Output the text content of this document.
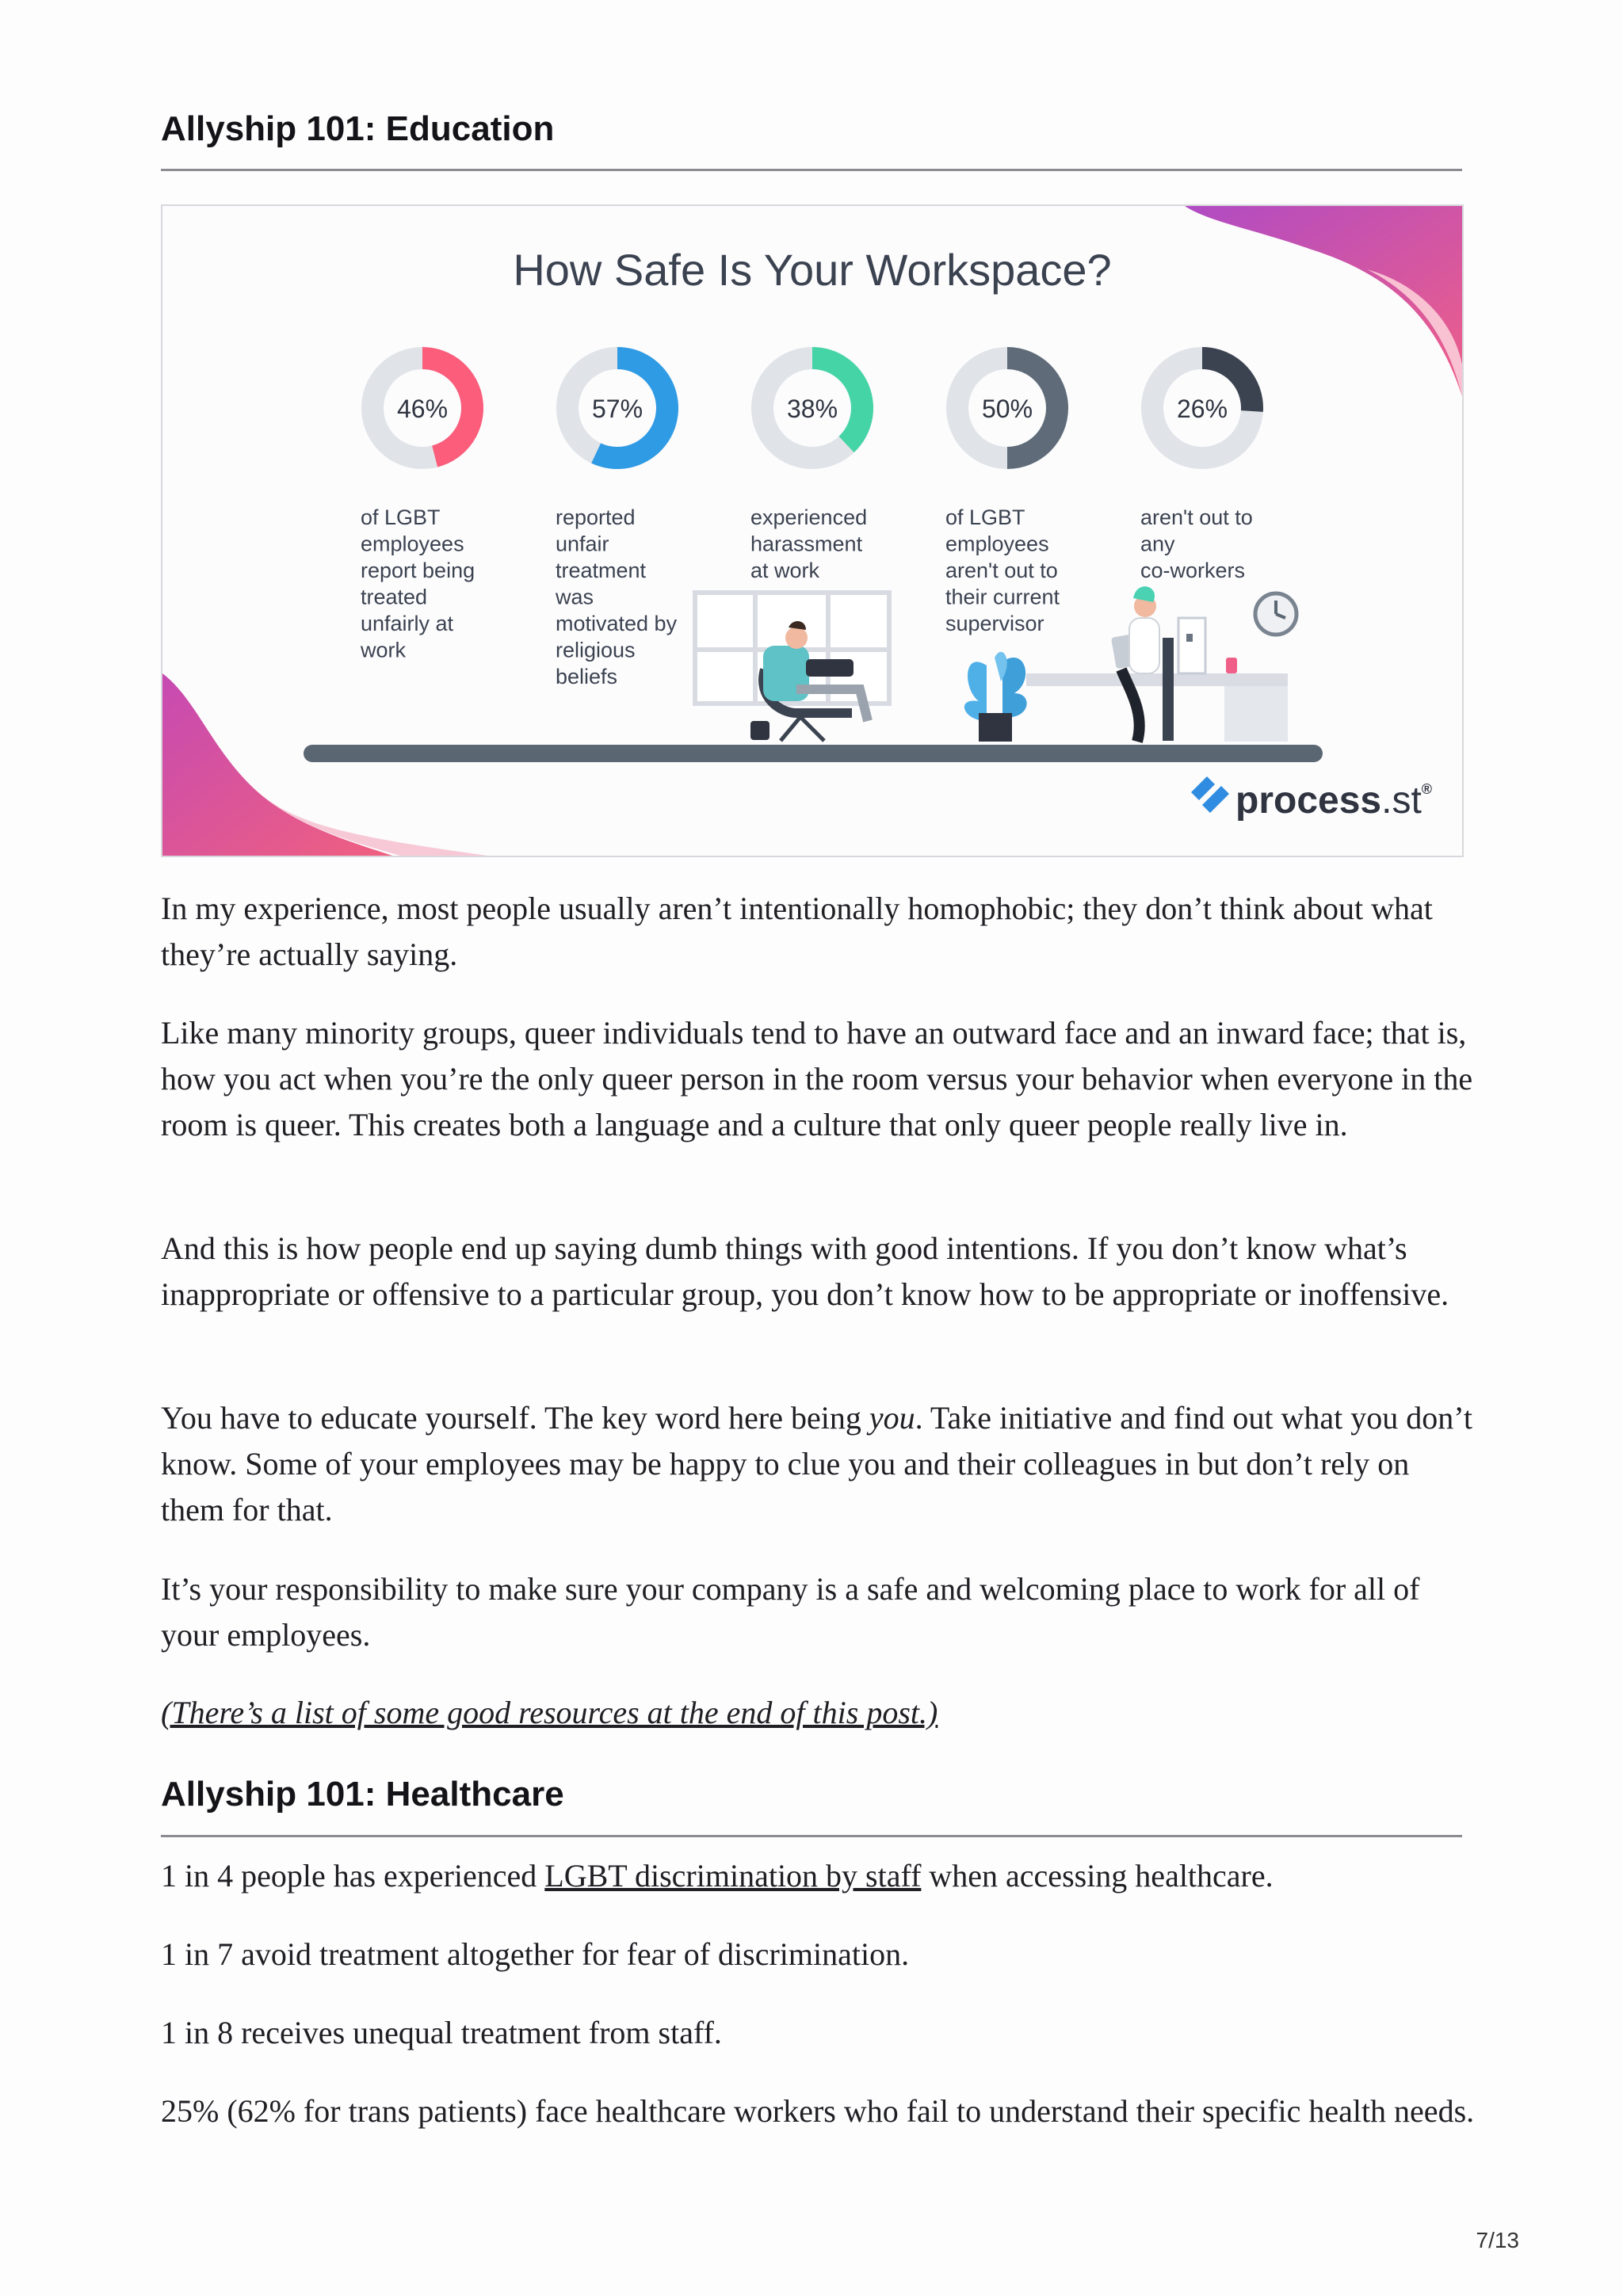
Allyship 101: Education
How Safe Is Your Workspace?
46%
of LGBT employees report being treated unfairly at work
57%
reported unfair treatment was motivated by religious beliefs
38%
experienced harassment at work
50%
of LGBT employees aren't out to their current supervisor
26%
aren't out to any co-workers
process.st®

In my experience, most people usually aren’t intentionally homophobic; they don’t think about what they’re actually saying.

Like many minority groups, queer individuals tend to have an outward face and an inward face; that is, how you act when you’re the only queer person in the room versus your behavior when everyone in the room is queer. This creates both a language and a culture that only queer people really live in.

And this is how people end up saying dumb things with good intentions. If you don’t know what’s inappropriate or offensive to a particular group, you don’t know how to be appropriate or inoffensive.

You have to educate yourself. The key word here being you. Take initiative and find out what you don’t know. Some of your employees may be happy to clue you and their colleagues in but don’t rely on them for that.

It’s your responsibility to make sure your company is a safe and welcoming place to work for all of your employees.

(There’s a list of some good resources at the end of this post.)

Allyship 101: Healthcare

1 in 4 people has experienced LGBT discrimination by staff when accessing healthcare.

1 in 7 avoid treatment altogether for fear of discrimination.

1 in 8 receives unequal treatment from staff.

25% (62% for trans patients) face healthcare workers who fail to understand their specific health needs.

7/13
